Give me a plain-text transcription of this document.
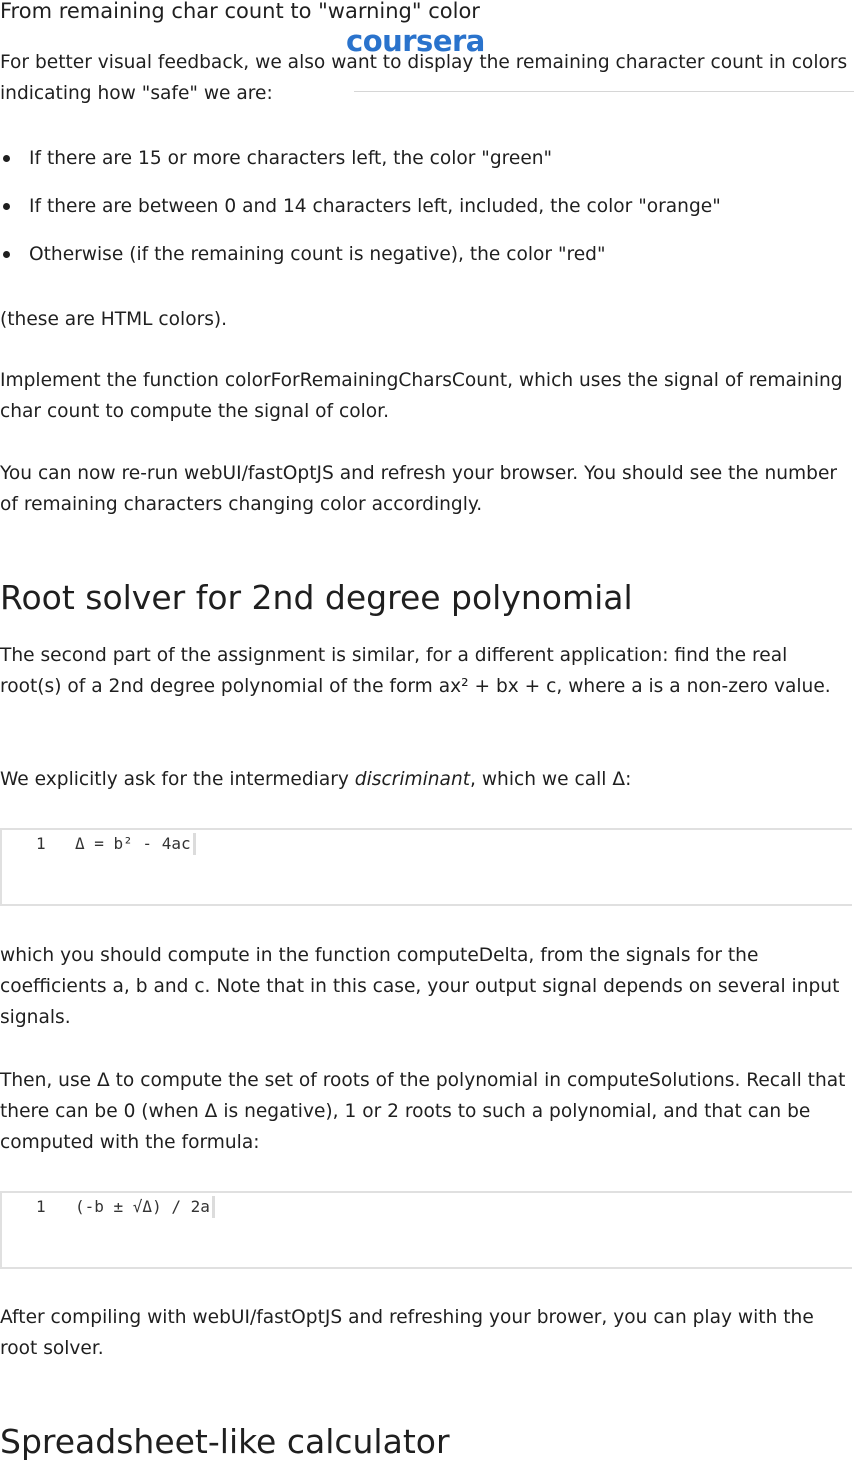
From remaining char count to "warning" color
coursera

For better visual feedback, we also want to display the remaining character count in colors indicating how "safe" we are:

If there are 15 or more characters left, the color "green"
If there are between 0 and 14 characters left, included, the color "orange"
Otherwise (if the remaining count is negative), the color "red"

(these are HTML colors).

Implement the function colorForRemainingCharsCount, which uses the signal of remaining char count to compute the signal of color.

You can now re-run webUI/fastOptJS and refresh your browser. You should see the number of remaining characters changing color accordingly.

Root solver for 2nd degree polynomial

The second part of the assignment is similar, for a different application: find the real root(s) of a 2nd degree polynomial of the form ax² + bx + c, where a is a non-zero value.

We explicitly ask for the intermediary discriminant, which we call Δ:

1 Δ = b² - 4ac

which you should compute in the function computeDelta, from the signals for the coefficients a, b and c. Note that in this case, your output signal depends on several input signals.

Then, use Δ to compute the set of roots of the polynomial in computeSolutions. Recall that there can be 0 (when Δ is negative), 1 or 2 roots to such a polynomial, and that can be computed with the formula:

1 (-b ± √Δ) / 2a

After compiling with webUI/fastOptJS and refreshing your brower, you can play with the root solver.

Spreadsheet-like calculator
